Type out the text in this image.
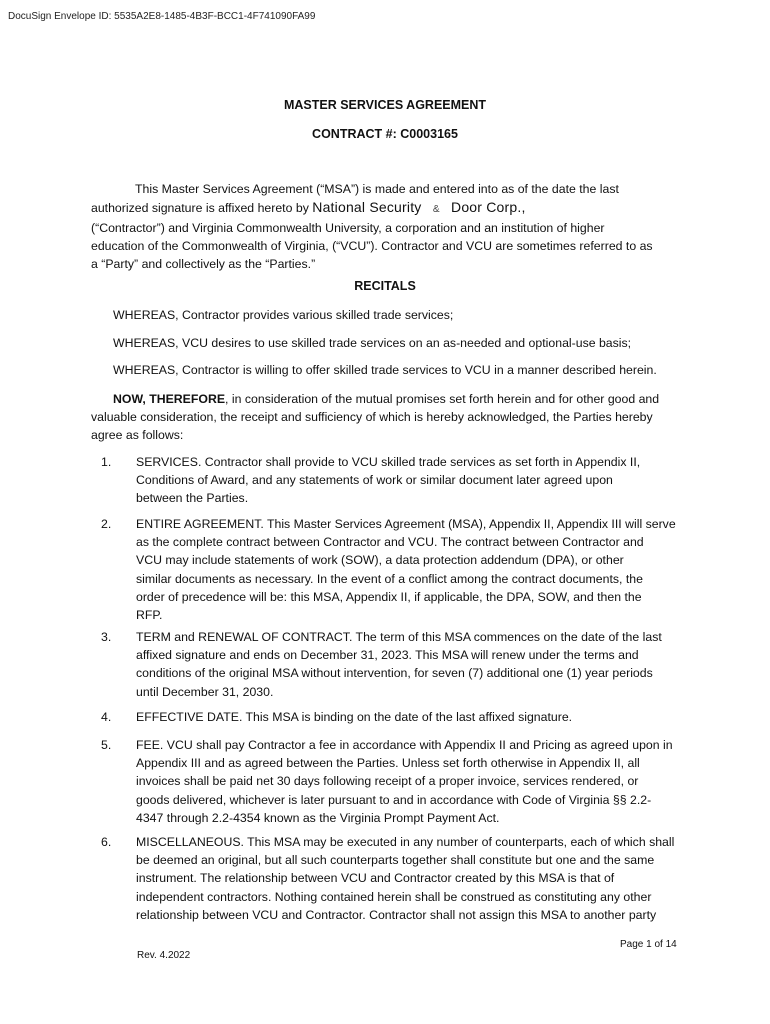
DocuSign Envelope ID: 5535A2E8-1485-4B3F-BCC1-4F741090FA99
MASTER SERVICES AGREEMENT
CONTRACT #: C0003165
This Master Services Agreement (“MSA”) is made and entered into as of the date the last
authorized signature is affixed hereto by National Security & Door Corp.,
(“Contractor”) and Virginia Commonwealth University, a corporation and an institution of higher
education of the Commonwealth of Virginia, (“VCU”). Contractor and VCU are sometimes referred to as
a “Party” and collectively as the “Parties.”
RECITALS
WHEREAS, Contractor provides various skilled trade services;
WHEREAS, VCU desires to use skilled trade services on an as-needed and optional-use basis;
WHEREAS, Contractor is willing to offer skilled trade services to VCU in a manner described herein.
NOW, THEREFORE, in consideration of the mutual promises set forth herein and for other good and
valuable consideration, the receipt and sufficiency of which is hereby acknowledged, the Parties hereby
agree as follows:
1. SERVICES. Contractor shall provide to VCU skilled trade services as set forth in Appendix II,
Conditions of Award, and any statements of work or similar document later agreed upon
between the Parties.
2. ENTIRE AGREEMENT. This Master Services Agreement (MSA), Appendix II, Appendix III will serve
as the complete contract between Contractor and VCU. The contract between Contractor and
VCU may include statements of work (SOW), a data protection addendum (DPA), or other
similar documents as necessary. In the event of a conflict among the contract documents, the
order of precedence will be: this MSA, Appendix II, if applicable, the DPA, SOW, and then the
RFP.
3. TERM and RENEWAL OF CONTRACT. The term of this MSA commences on the date of the last
affixed signature and ends on December 31, 2023. This MSA will renew under the terms and
conditions of the original MSA without intervention, for seven (7) additional one (1) year periods
until December 31, 2030.
4. EFFECTIVE DATE. This MSA is binding on the date of the last affixed signature.
5. FEE. VCU shall pay Contractor a fee in accordance with Appendix II and Pricing as agreed upon in
Appendix III and as agreed between the Parties. Unless set forth otherwise in Appendix II, all
invoices shall be paid net 30 days following receipt of a proper invoice, services rendered, or
goods delivered, whichever is later pursuant to and in accordance with Code of Virginia §§ 2.2-
4347 through 2.2-4354 known as the Virginia Prompt Payment Act.
6. MISCELLANEOUS. This MSA may be executed in any number of counterparts, each of which shall
be deemed an original, but all such counterparts together shall constitute but one and the same
instrument. The relationship between VCU and Contractor created by this MSA is that of
independent contractors. Nothing contained herein shall be construed as constituting any other
relationship between VCU and Contractor. Contractor shall not assign this MSA to another party
Page 1 of 14
Rev. 4.2022
